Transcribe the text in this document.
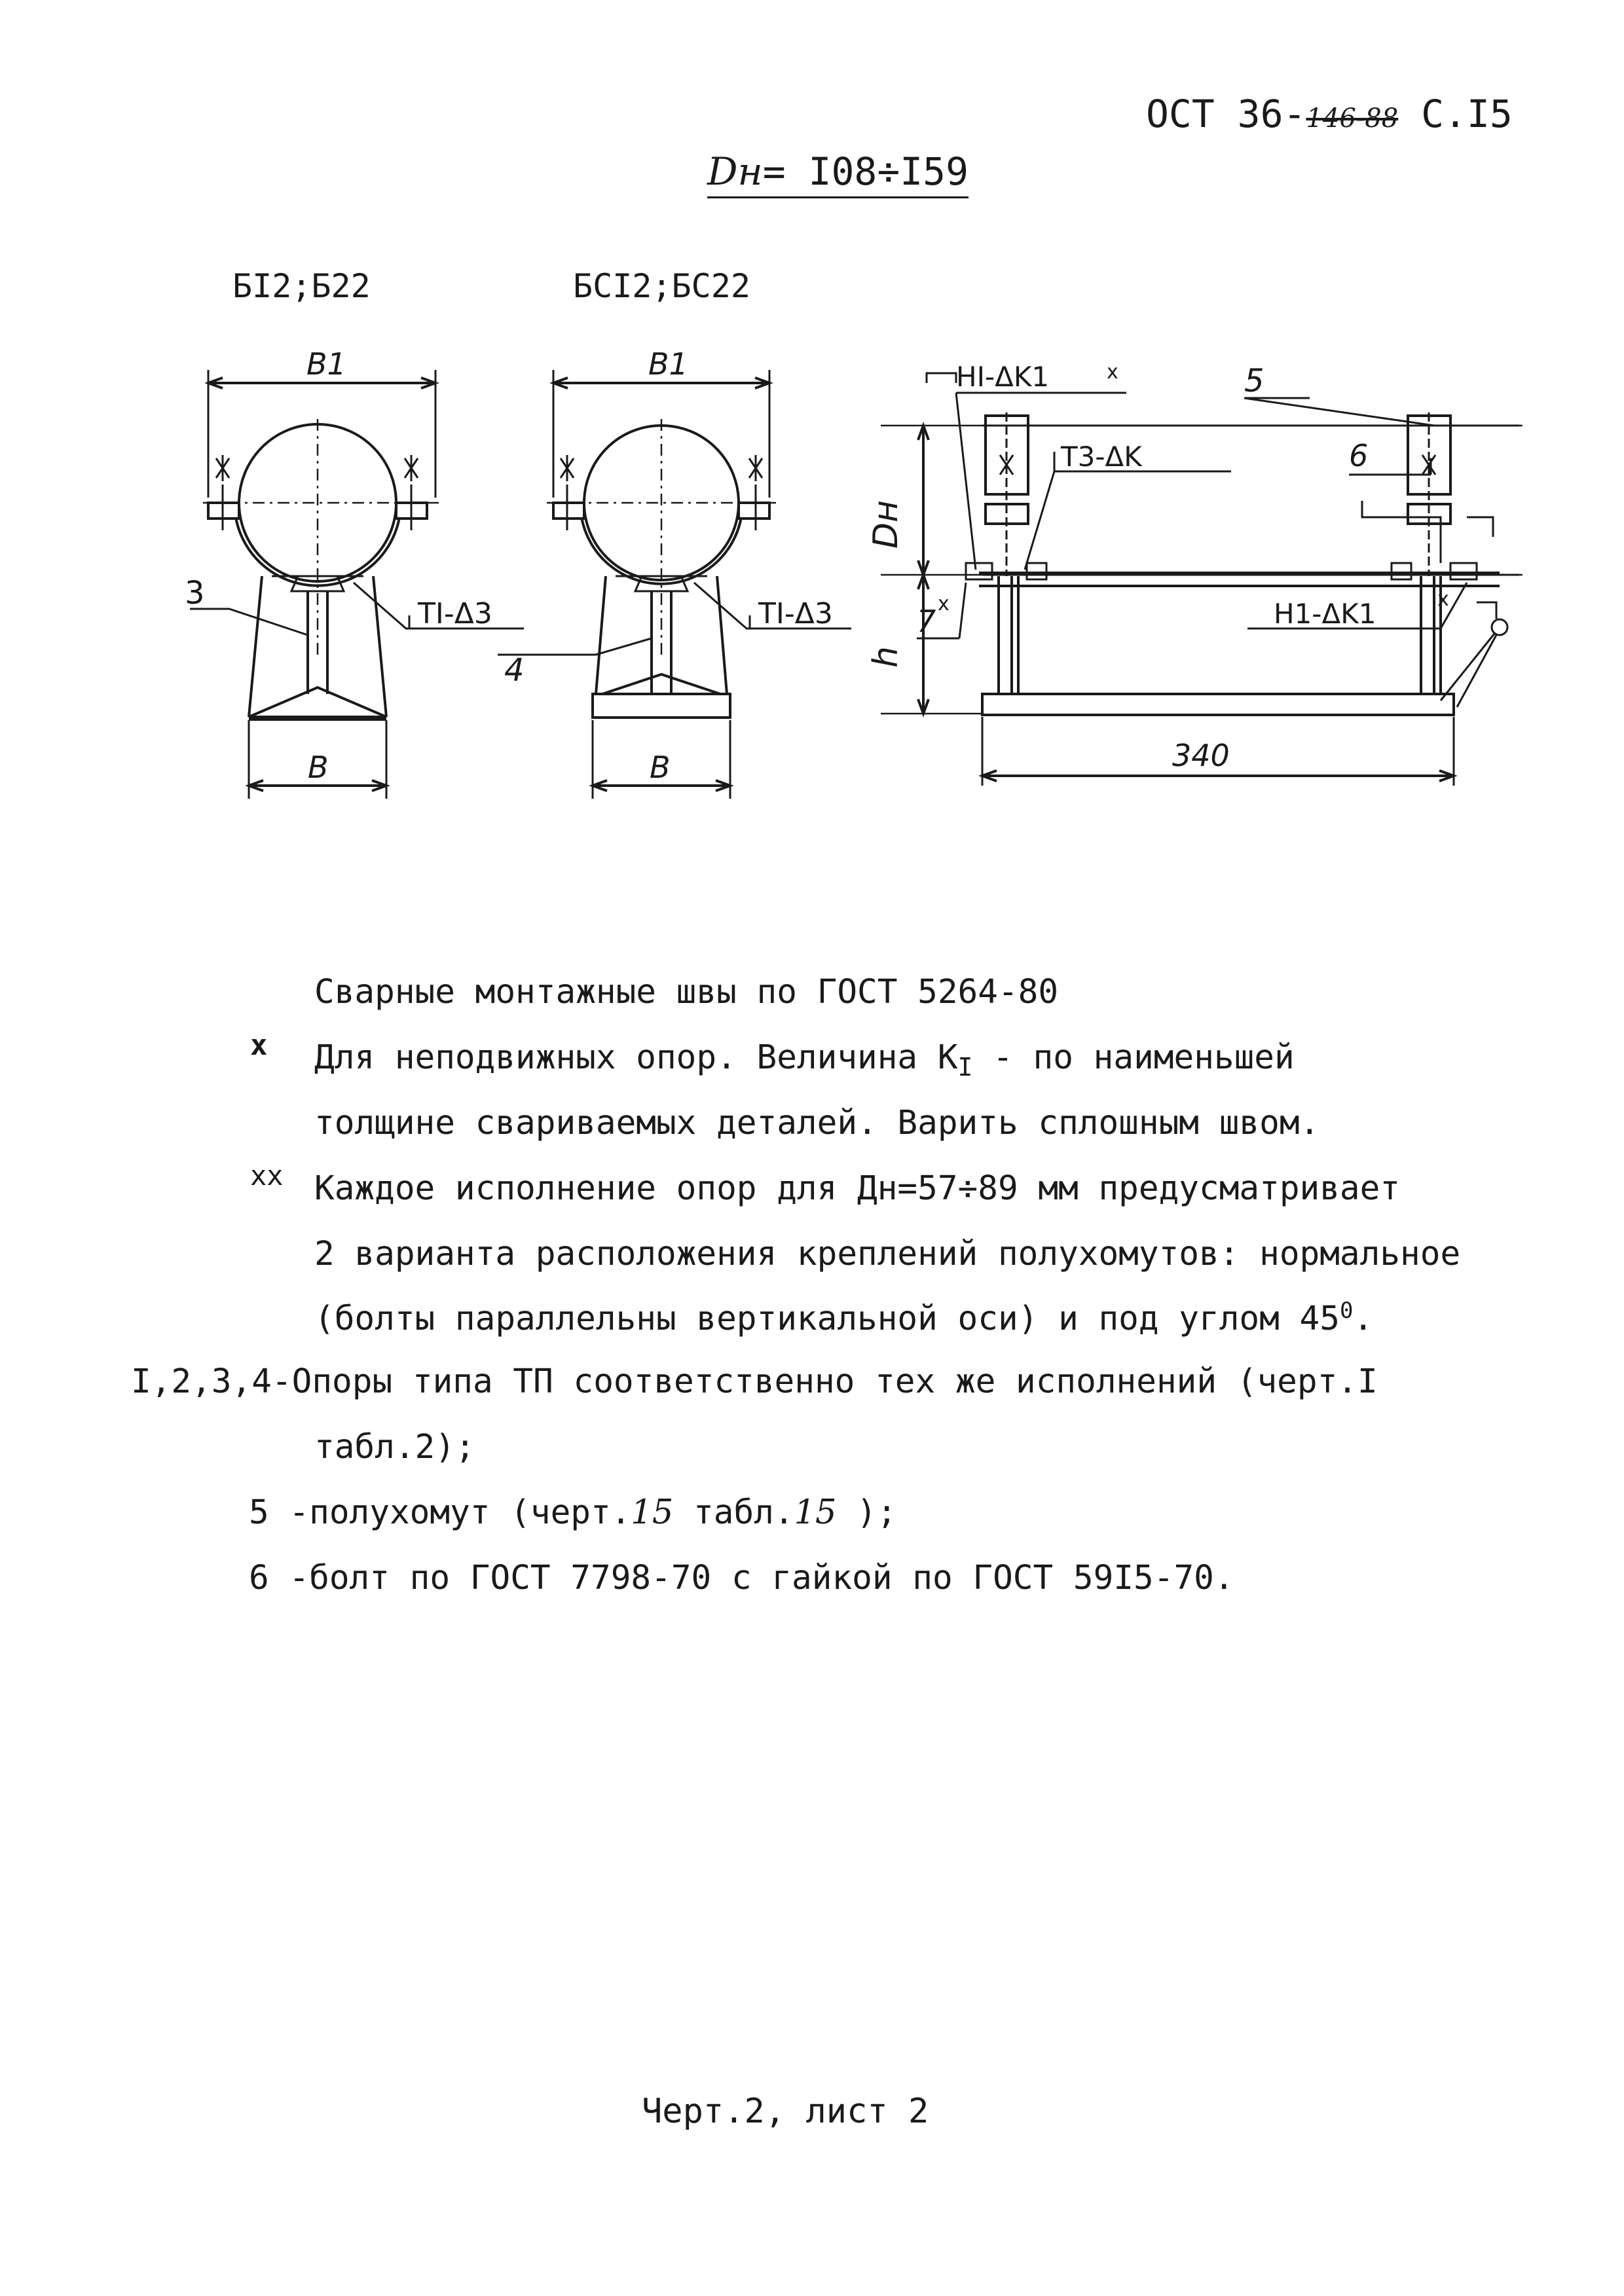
ОСТ 36-146-88 С.I5
Dн= I08÷I59
БI2;Б22	БСI2;БС22
3
ТI-Δ3
B1
B
4
ТI-Δ3
B1
B
Dн
h
340
HI-ΔK1	x
Т3-ΔK
5
6
7 x	H1-ΔK1	x
Сварные монтажные швы по ГОСТ 5264-80
x Для неподвижных опор. Величина $К_I$ - по наименьшей
толщине свариваемых деталей. Варить сплошным швом.
xx Каждое исполнение опор для Дн=57÷89 мм предусматривает
2 варианта расположения креплений полухомутов: нормальное
(болты параллельны вертикальной оси) и под углом $45^0$.
I,2,3,4-Опоры типа ТП соответственно тех же исполнений (черт.I
табл.2);
5 -полухомут (черт.15 табл.15 );
6 -болт по ГОСТ 7798-70 с гайкой по ГОСТ 59I5-70.
Черт.2, лист 2
